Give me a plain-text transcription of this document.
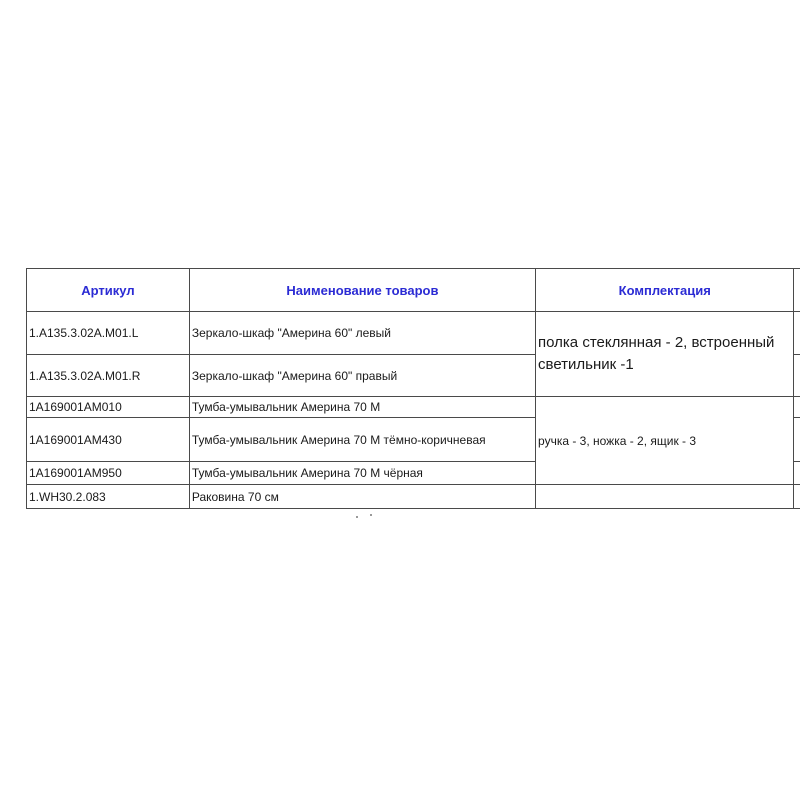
Артикул	Наименование товаров	Комплектация	
1.A135.3.02A.M01.L	Зеркало-шкаф "Америна 60" левый	полка стеклянная - 2, встроенный светильник -1	
1.A135.3.02A.M01.R	Зеркало-шкаф "Америна 60" правый		
1A169001AM010	Тумба-умывальник Америна 70 М	ручка - 3, ножка - 2, ящик - 3	
1A169001AM430	Тумба-умывальник Америна 70 М тёмно-коричневая		
1A169001AM950	Тумба-умывальник Америна 70 М чёрная		
1.WH30.2.083	Раковина 70 см		
